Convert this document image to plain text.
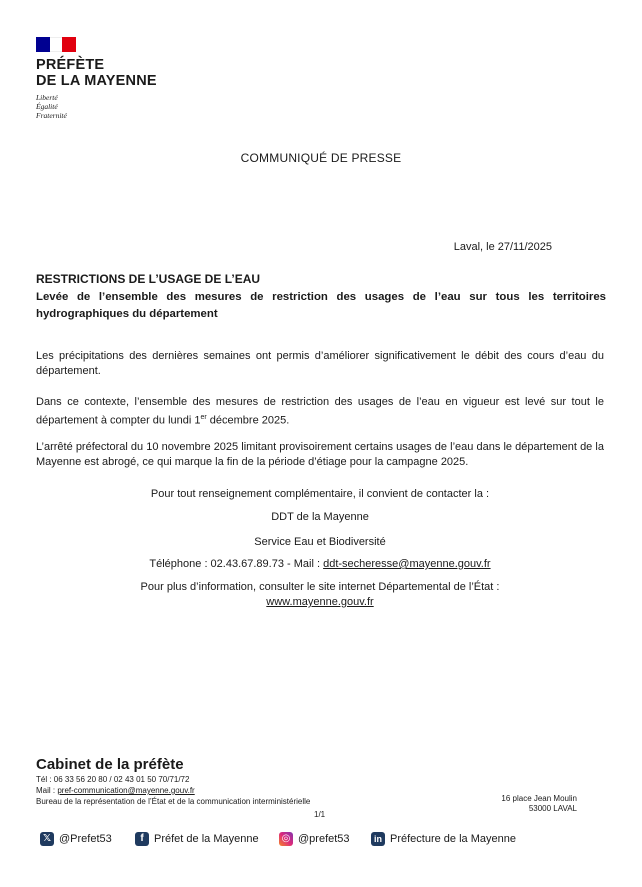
PRÉFÈTE
DE LA MAYENNE
Liberté
Égalité
Fraternité
COMMUNIQUÉ DE PRESSE
Laval, le 27/11/2025
RESTRICTIONS DE L’USAGE DE L’EAU
Levée de l’ensemble des mesures de restriction des usages de l’eau sur tous les territoires hydrographiques du département
Les précipitations des dernières semaines ont permis d’améliorer significativement le débit des cours d’eau du département.
Dans ce contexte, l’ensemble des mesures de restriction des usages de l’eau en vigueur est levé sur tout le département à compter du lundi 1er décembre 2025.
L’arrêté préfectoral du 10 novembre 2025 limitant provisoirement certains usages de l’eau dans le département de la Mayenne est abrogé, ce qui marque la fin de la période d’étiage pour la campagne 2025.
Pour tout renseignement complémentaire, il convient de contacter la :
DDT de la Mayenne
Service Eau et Biodiversité
Téléphone : 02.43.67.89.73 - Mail : ddt-secheresse@mayenne.gouv.fr
Pour plus d’information, consulter le site internet Départemental de l’État :
www.mayenne.gouv.fr
Cabinet de la préfète
Tél : 06 33 56 20 80 / 02 43 01 50 70/71/72
Mail : pref-communication@mayenne.gouv.fr
Bureau de la représentation de l’État et de la communication interministérielle	16 place Jean Moulin
53000 LAVAL
1/1
𝕏 @Prefet53	f Préfet de la Mayenne ◎ @prefet53	in Préfecture de la Mayenne
